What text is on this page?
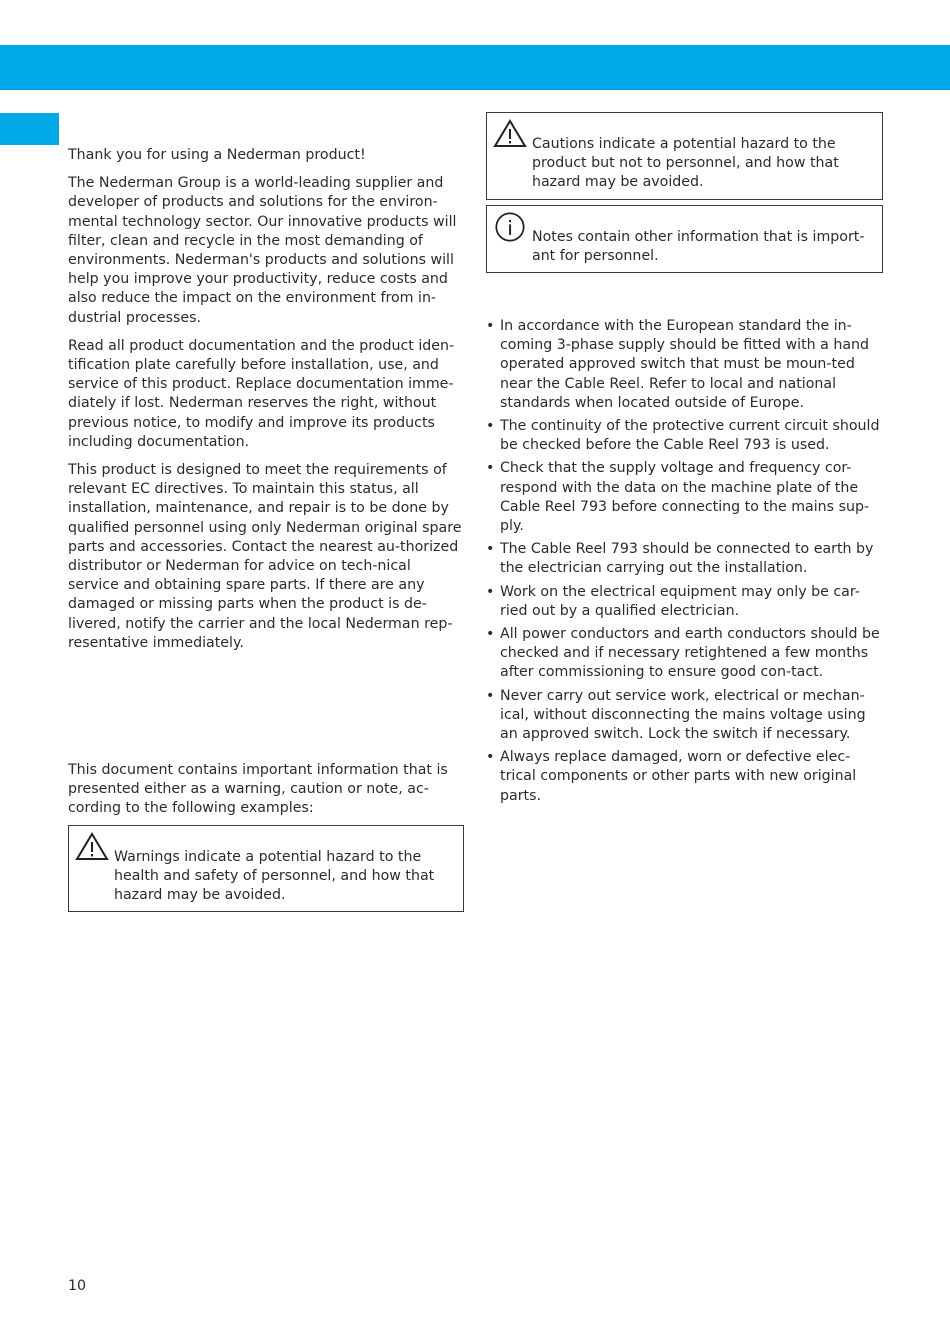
Thank you for using a Nederman product!

The Nederman Group is a world-leading supplier and developer of products and solutions for the environ-mental technology sector. Our innovative products will filter, clean and recycle in the most demanding of environments. Nederman's products and solutions will help you improve your productivity, reduce costs and also reduce the impact on the environment from in-dustrial processes.

Read all product documentation and the product iden-tification plate carefully before installation, use, and service of this product. Replace documentation imme-diately if lost. Nederman reserves the right, without previous notice, to modify and improve its products including documentation.

This product is designed to meet the requirements of relevant EC directives. To maintain this status, all installation, maintenance, and repair is to be done by qualified personnel using only Nederman original spare parts and accessories. Contact the nearest au-thorized distributor or Nederman for advice on tech-nical service and obtaining spare parts. If there are any damaged or missing parts when the product is de-livered, notify the carrier and the local Nederman rep-resentative immediately.

This document contains important information that is presented either as a warning, caution or note, ac-cording to the following examples:

Warnings indicate a potential hazard to the health and safety of personnel, and how that hazard may be avoided.
Cautions indicate a potential hazard to the product but not to personnel, and how that hazard may be avoided.
Notes contain other information that is import-ant for personnel.
• In accordance with the European standard the in-coming 3-phase supply should be fitted with a hand operated approved switch that must be moun-ted near the Cable Reel. Refer to local and national standards when located outside of Europe.
• The continuity of the protective current circuit should be checked before the Cable Reel 793 is used.
• Check that the supply voltage and frequency cor-respond with the data on the machine plate of the Cable Reel 793 before connecting to the mains sup-ply.
• The Cable Reel 793 should be connected to earth by the electrician carrying out the installation.
• Work on the electrical equipment may only be car-ried out by a qualified electrician.
• All power conductors and earth conductors should be checked and if necessary retightened a few months after commissioning to ensure good con-tact.
• Never carry out service work, electrical or mechan-ical, without disconnecting the mains voltage using an approved switch. Lock the switch if necessary.
• Always replace damaged, worn or defective elec-trical components or other parts with new original parts.
10
